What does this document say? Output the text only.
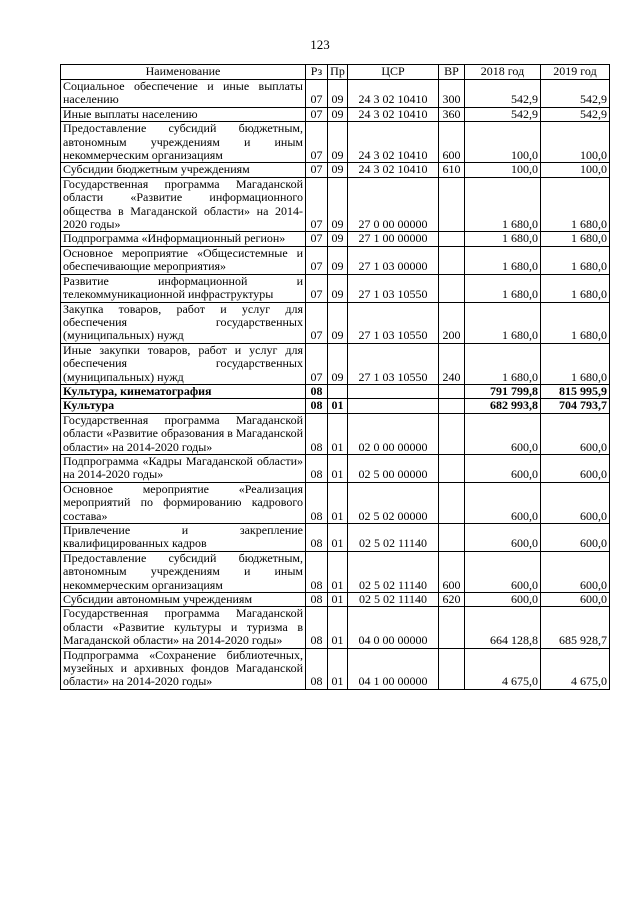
123
Наименование	Рз	Пр	ЦСР	ВР	2018 год	2019 год
Социальное обеспечение и иные выплаты населению	07	09	24 3 02 10410	300	542,9	542,9
Иные выплаты населению	07	09	24 3 02 10410	360	542,9	542,9
Предоставление субсидий бюджетным, автономным учреждениям и иным некоммерческим организациям	07	09	24 3 02 10410	600	100,0	100,0
Субсидии бюджетным учреждениям	07	09	24 3 02 10410	610	100,0	100,0
Государственная программа Магаданской области «Развитие информационного общества в Магаданской области» на 2014-2020 годы»	07	09	27 0 00 00000		1 680,0	1 680,0
Подпрограмма «Информационный регион»	07	09	27 1 00 00000		1 680,0	1 680,0
Основное мероприятие «Общесистемные и обеспечивающие мероприятия»	07	09	27 1 03 00000		1 680,0	1 680,0
Развитие информационной и телекоммуникационной инфраструктуры	07	09	27 1 03 10550		1 680,0	1 680,0
Закупка товаров, работ и услуг для обеспечения государственных (муниципальных) нужд	07	09	27 1 03 10550	200	1 680,0	1 680,0
Иные закупки товаров, работ и услуг для обеспечения государственных (муниципальных) нужд	07	09	27 1 03 10550	240	1 680,0	1 680,0
Культура, кинематография	08				791 799,8	815 995,9
Культура	08	01			682 993,8	704 793,7
Государственная программа Магаданской области «Развитие образования в Магаданской области» на 2014-2020 годы»	08	01	02 0 00 00000		600,0	600,0
Подпрограмма «Кадры Магаданской области» на 2014-2020 годы»	08	01	02 5 00 00000		600,0	600,0
Основное мероприятие «Реализация мероприятий по формированию кадрового состава»	08	01	02 5 02 00000		600,0	600,0
Привлечение и закрепление квалифицированных кадров	08	01	02 5 02 11140		600,0	600,0
Предоставление субсидий бюджетным, автономным учреждениям и иным некоммерческим организациям	08	01	02 5 02 11140	600	600,0	600,0
Субсидии автономным учреждениям	08	01	02 5 02 11140	620	600,0	600,0
Государственная программа Магаданской области «Развитие культуры и туризма в Магаданской области» на 2014-2020 годы»	08	01	04 0 00 00000		664 128,8	685 928,7
Подпрограмма «Сохранение библиотечных, музейных и архивных фондов Магаданской области» на 2014-2020 годы»	08	01	04 1 00 00000		4 675,0	4 675,0
